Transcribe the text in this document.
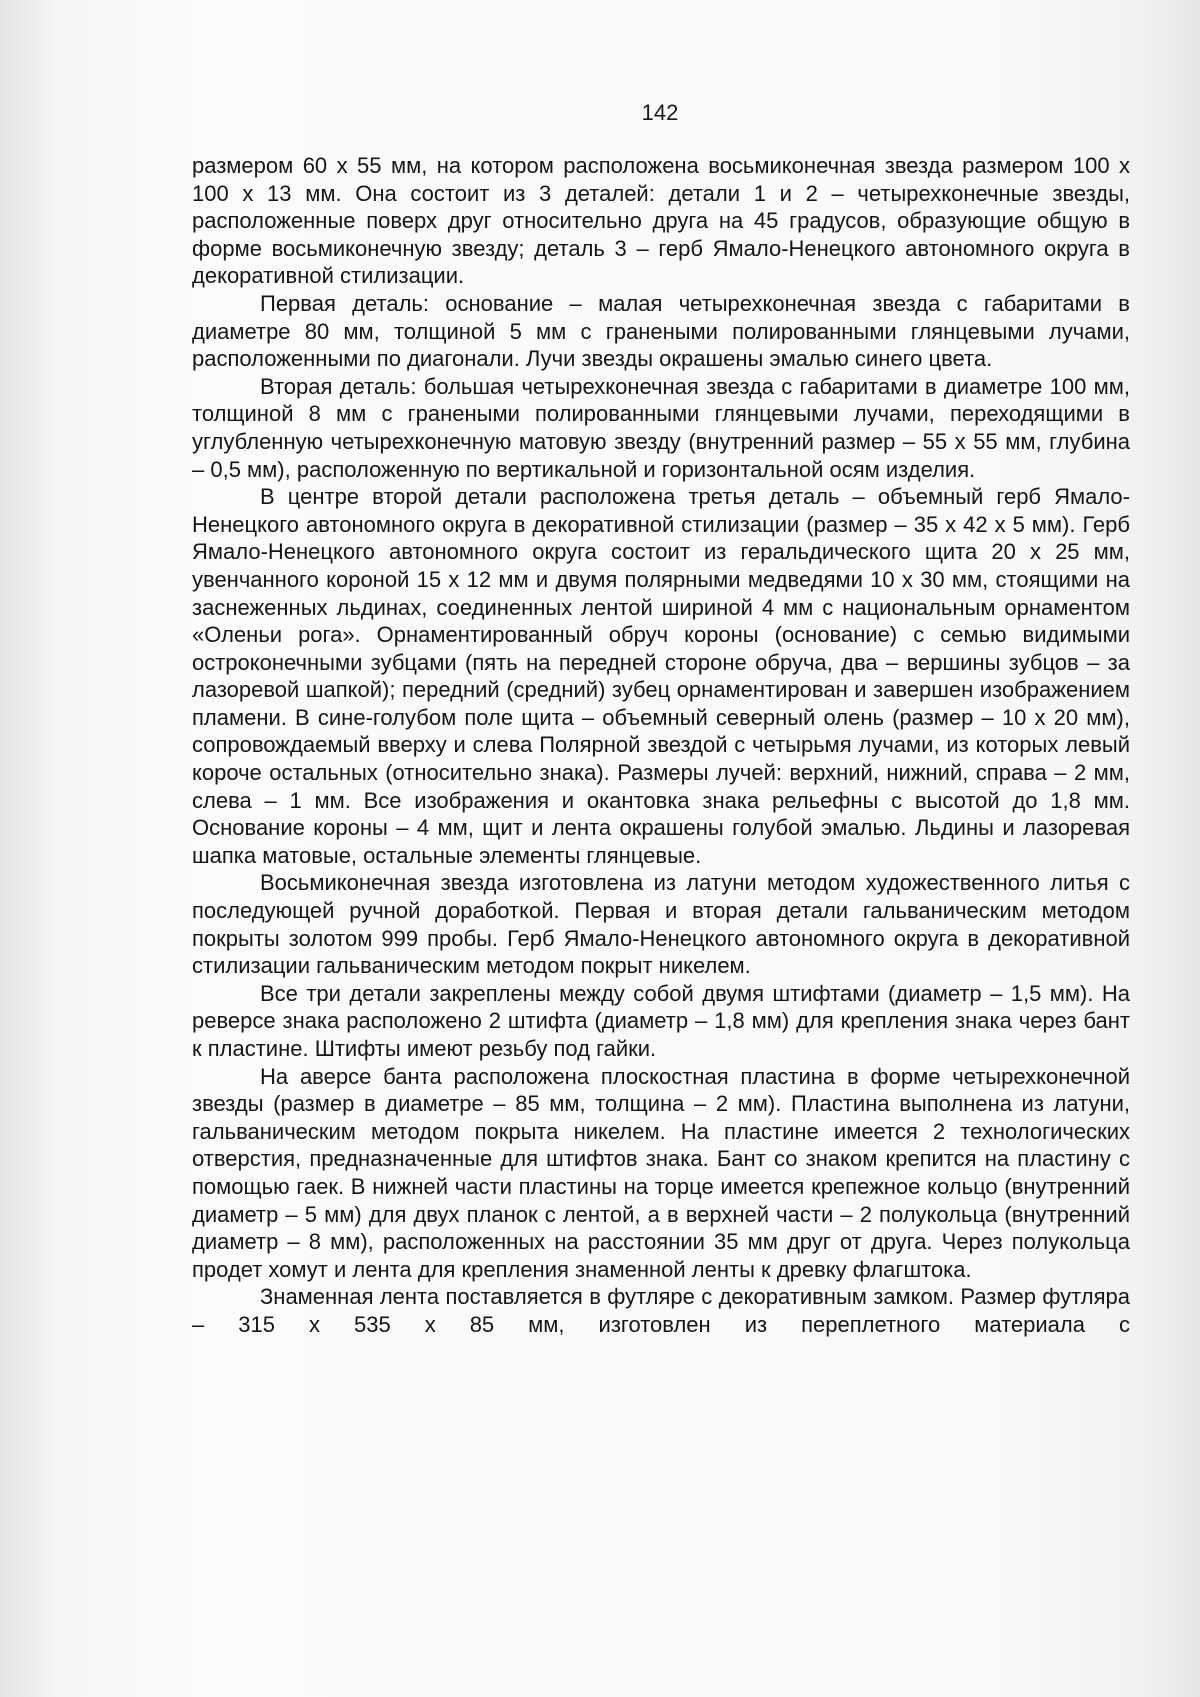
142

размером 60 х 55 мм, на котором расположена восьмиконечная звезда размером 100 х 100 х 13 мм. Она состоит из 3 деталей: детали 1 и 2 – четырехконечные звезды, расположенные поверх друг относительно друга на 45 градусов, образующие общую в форме восьмиконечную звезду; деталь 3 – герб Ямало-Ненецкого автономного округа в декоративной стилизации.

Первая деталь: основание – малая четырехконечная звезда с габаритами в диаметре 80 мм, толщиной 5 мм с гранеными полированными глянцевыми лучами, расположенными по диагонали. Лучи звезды окрашены эмалью синего цвета.

Вторая деталь: большая четырехконечная звезда с габаритами в диаметре 100 мм, толщиной 8 мм с гранеными полированными глянцевыми лучами, переходящими в углубленную четырехконечную матовую звезду (внутренний размер – 55 х 55 мм, глубина – 0,5 мм), расположенную по вертикальной и горизонтальной осям изделия.

В центре второй детали расположена третья деталь – объемный герб Ямало-Ненецкого автономного округа в декоративной стилизации (размер – 35 х 42 х 5 мм). Герб Ямало-Ненецкого автономного округа состоит из геральдического щита 20 х 25 мм, увенчанного короной 15 х 12 мм и двумя полярными медведями 10 х 30 мм, стоящими на заснеженных льдинах, соединенных лентой шириной 4 мм с национальным орнаментом «Оленьи рога». Орнаментированный обруч короны (основание) с семью видимыми остроконечными зубцами (пять на передней стороне обруча, два – вершины зубцов – за лазоревой шапкой); передний (средний) зубец орнаментирован и завершен изображением пламени. В сине-голубом поле щита – объемный северный олень (размер – 10 х 20 мм), сопровождаемый вверху и слева Полярной звездой с четырьмя лучами, из которых левый короче остальных (относительно знака). Размеры лучей: верхний, нижний, справа – 2 мм, слева – 1 мм. Все изображения и окантовка знака рельефны с высотой до 1,8 мм. Основание короны – 4 мм, щит и лента окрашены голубой эмалью. Льдины и лазоревая шапка матовые, остальные элементы глянцевые.

Восьмиконечная звезда изготовлена из латуни методом художественного литья с последующей ручной доработкой. Первая и вторая детали гальваническим методом покрыты золотом 999 пробы. Герб Ямало-Ненецкого автономного округа в декоративной стилизации гальваническим методом покрыт никелем.

Все три детали закреплены между собой двумя штифтами (диаметр – 1,5 мм). На реверсе знака расположено 2 штифта (диаметр – 1,8 мм) для крепления знака через бант к пластине. Штифты имеют резьбу под гайки.

На аверсе банта расположена плоскостная пластина в форме четырехконечной звезды (размер в диаметре – 85 мм, толщина – 2 мм). Пластина выполнена из латуни, гальваническим методом покрыта никелем. На пластине имеется 2 технологических отверстия, предназначенные для штифтов знака. Бант со знаком крепится на пластину с помощью гаек. В нижней части пластины на торце имеется крепежное кольцо (внутренний диаметр – 5 мм) для двух планок с лентой, а в верхней части – 2 полукольца (внутренний диаметр – 8 мм), расположенных на расстоянии 35 мм друг от друга. Через полукольца продет хомут и лента для крепления знаменной ленты к древку флагштока.

Знаменная лента поставляется в футляре с декоративным замком. Размер футляра – 315 х 535 х 85 мм, изготовлен из переплетного материала с
